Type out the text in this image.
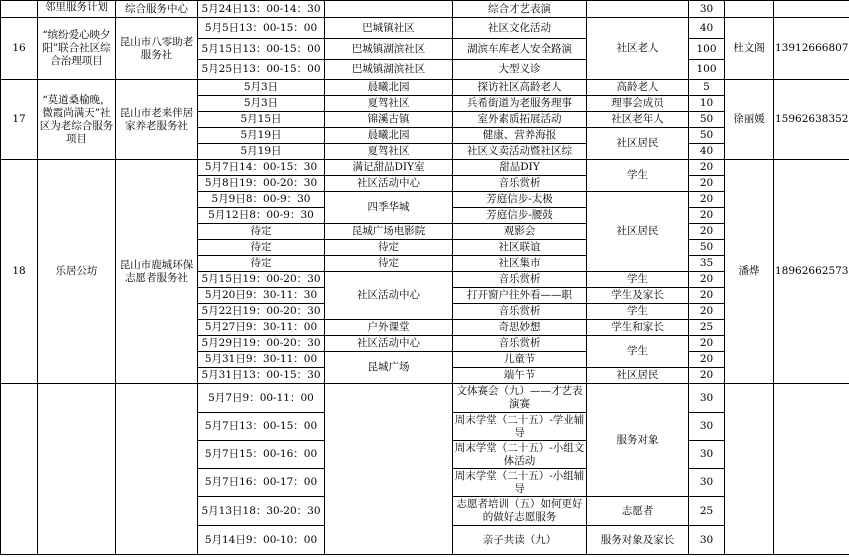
	邻里服务计划	综合服务中心	5月24日13：00-14：30		综合才艺表演		30		
16	“缤纷爱心映夕阳”联合社区综合治理项目	昆山市八零助老服务社	5月5日13：00-15：00	巴城镇社区	社区文化活动	社区老人	40	杜文阁	13912666807
			5月15日13：00-15：00	巴城镇湖滨社区	湖滨车库老人安全路演		100		
			5月25日13：00-15：00	巴城镇湖滨社区	大型义诊		100		
17	“莫道桑榆晚，微霞尚满天”社区为老综合服务项目	昆山市老来伴居家养老服务社	5月3日	晨曦北园	探访社区高龄老人	高龄老人	5	徐丽媛	15962638352
			5月3日	夏驾社区	兵希街道为老服务理事	理事会成员	10		
			5月15日	锦溪古镇	室外素质拓展活动	社区老年人	50		
			5月19日	晨曦北园	健康、营养海报	社区居民	50		
			5月19日	夏驾社区	社区义卖活动暨社区综		40		
18	乐居公坊	昆山市鹿城环保志愿者服务社	5月7日14：00-15：30	满记甜品DIY室	甜品DIY	学生	20	潘烨	18962662573
			5月8日19：00-20：30	社区活动中心	音乐赏析		20		
			5月9日8：00-9：30	四季华城	芳庭信步-太极	社区居民	20		
			5月12日8：00-9：30		芳庭信步-腰鼓		20		
			待定	昆城广场电影院	观影会		20		
			待定	待定	社区联谊		50		
			待定	待定	社区集市		35		
			5月15日19：00-20：30	社区活动中心	音乐赏析	学生	20		
			5月20日9：30-11：30		打开窗户往外看——职	学生及家长	20		
			5月22日19：00-20：30		音乐赏析	学生	20		
			5月27日9：30-11：00	户外课堂	奇思妙想	学生和家长	25		
			5月29日19：00-20：30	社区活动中心	音乐赏析	学生	20		
			5月31日9：30-11：00	昆城广场	儿童节		20		
			5月31日13：00-15：30		端午节	社区居民	20		
			5月7日9：00-11：00		文体赛会（九）——才艺表演赛	服务对象	30		
			5月7日13：00-15：00		周末学堂（二十五）-学业辅导		30		
			5月7日15：00-16：00		周末学堂（二十五）-小组文体活动		30		
			5月7日16：00-17：00		周末学堂（二十五）-小组辅导		30		
			5月13日18：30-20：30		志愿者培训（五）如何更好的做好志愿服务	志愿者	25		
			5月14日9：00-10：00		亲子共读（九）	服务对象及家长	30		
